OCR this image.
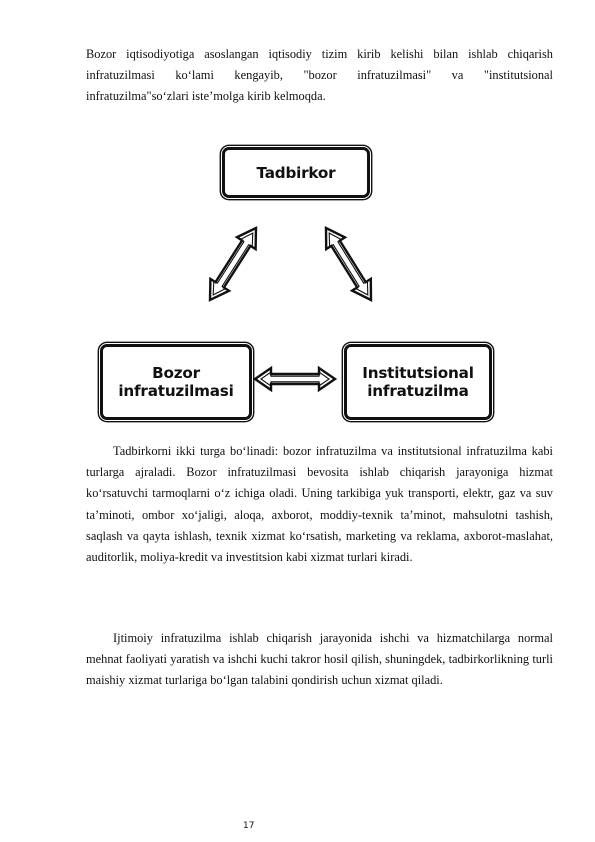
Bozor iqtisodiyotiga asoslangan iqtisodiy tizim kirib kelishi bilan ishlab chiqarish infratuzilmasi ko‘lami kengayib, "bozor infratuzilmasi" va "institutsional infratuzilma"so‘zlari iste’molga kirib kelmoqda.

Tadbirkor
Bozor
infratuzilmasi
Institutsional
infratuzilma

Tadbirkorni ikki turga bo‘linadi: bozor infratuzilma va institutsional infratuzilma kabi turlarga ajraladi. Bozor infratuzilmasi bevosita ishlab chiqarish jarayoniga hizmat ko‘rsatuvchi tarmoqlarni o‘z ichiga oladi. Uning tarkibiga yuk transporti, elektr, gaz va suv ta’minoti, ombor xo‘jaligi, aloqa, axborot, moddiy-texnik ta’minot, mahsulotni tashish, saqlash va qayta ishlash, texnik xizmat ko‘rsatish, marketing va reklama, axborot-maslahat, auditorlik, moliya-kredit va investitsion kabi xizmat turlari kiradi.

Ijtimoiy infratuzilma ishlab chiqarish jarayonida ishchi va hizmatchilarga normal mehnat faoliyati yaratish va ishchi kuchi takror hosil qilish, shuningdek, tadbirkorlikning turli maishiy xizmat turlariga bo‘lgan talabini qondirish uchun xizmat qiladi.

17
